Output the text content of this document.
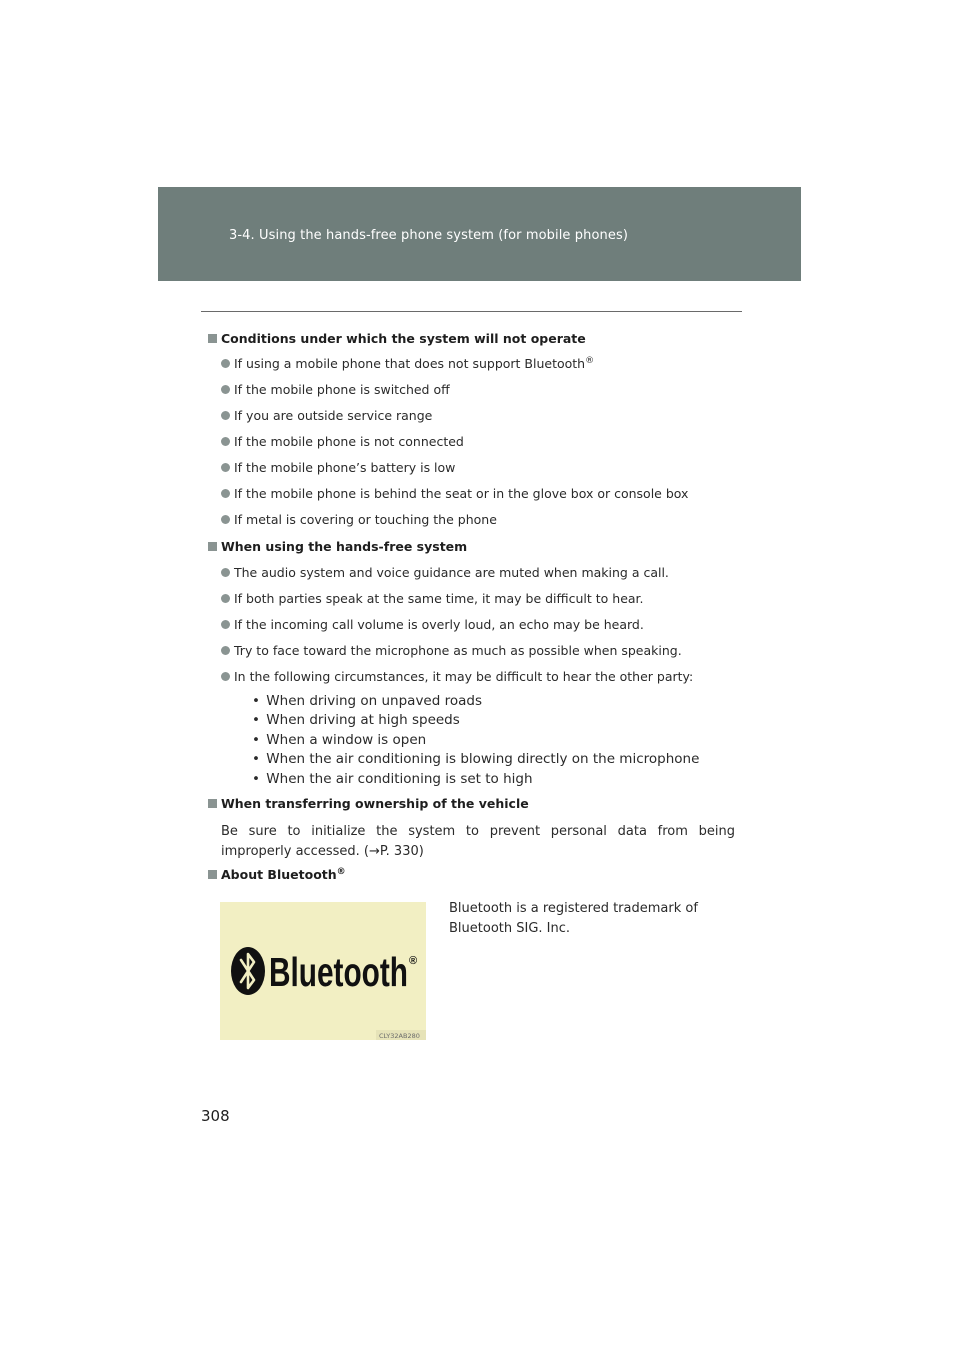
3-4. Using the hands-free phone system (for mobile phones)
Conditions under which the system will not operate
If using a mobile phone that does not support Bluetooth®
If the mobile phone is switched off
If you are outside service range
If the mobile phone is not connected
If the mobile phone’s battery is low
If the mobile phone is behind the seat or in the glove box or console box
If metal is covering or touching the phone
When using the hands-free system
The audio system and voice guidance are muted when making a call.
If both parties speak at the same time, it may be difficult to hear.
If the incoming call volume is overly loud, an echo may be heard.
Try to face toward the microphone as much as possible when speaking.
In the following circumstances, it may be difficult to hear the other party:
• When driving on unpaved roads
• When driving at high speeds
• When a window is open
• When the air conditioning is blowing directly on the microphone
• When the air conditioning is set to high
When transferring ownership of the vehicle
Be sure to initialize the system to prevent personal data from being improperly accessed. (→P. 330)
About Bluetooth®
Bluetooth ®
CLY32AB280
Bluetooth is a registered trademark of Bluetooth SIG. Inc.
308
